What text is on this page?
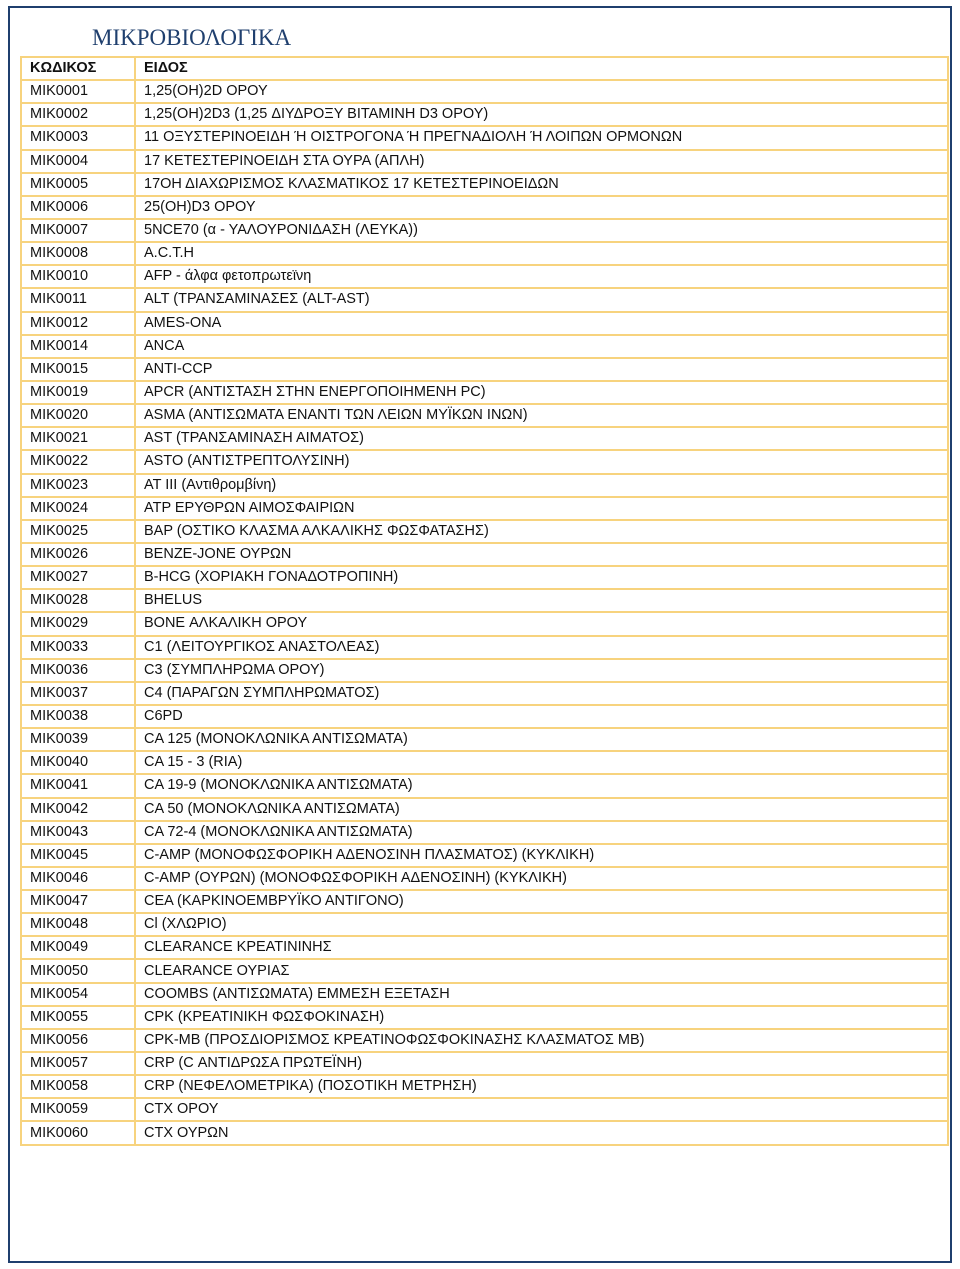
ΜΙΚΡΟΒΙΟΛΟΓΙΚΑ
ΚΩΔΙΚΟΣ	ΕΙΔΟΣ
ΜΙΚ0001	1,25(OH)2D ΟΡΟΥ
ΜΙΚ0002	1,25(OH)2D3 (1,25 ΔΙΥΔΡΟΞΥ ΒΙΤΑΜΙΝΗ D3 ΟΡΟΥ)
ΜΙΚ0003	11 ΟΞΥΣΤΕΡΙΝΟΕΙΔΗ Ή ΟΙΣΤΡΟΓΟΝΑ Ή ΠΡΕΓΝΑΔΙΟΛΗ Ή ΛΟΙΠΩΝ ΟΡΜΟΝΩΝ
ΜΙΚ0004	17 ΚΕΤΕΣΤΕΡΙΝΟΕΙΔΗ ΣΤΑ ΟΥΡΑ (ΑΠΛΗ)
ΜΙΚ0005	17ΟΗ ΔΙΑΧΩΡΙΣΜΟΣ ΚΛΑΣΜΑΤΙΚΟΣ 17 ΚΕΤΕΣΤΕΡΙΝΟΕΙΔΩΝ
ΜΙΚ0006	25(OH)D3 ΟΡΟΥ
ΜΙΚ0007	5NCE70 (α - ΥΑΛΟΥΡΟΝΙΔΑΣΗ (ΛΕΥΚΑ))
ΜΙΚ0008	A.C.T.H
ΜΙΚ0010	AFP - άλφα φετοπρωτεϊνη
ΜΙΚ0011	ALT (ΤΡΑΝΣΑΜΙΝΑΣΕΣ (ALT-AST)
ΜΙΚ0012	AMES-ONA
ΜΙΚ0014	ANCA
ΜΙΚ0015	ANTI-CCP
ΜΙΚ0019	APCR (ΑΝΤΙΣΤΑΣΗ ΣΤΗΝ ΕΝΕΡΓΟΠΟΙΗΜΕΝΗ PC)
ΜΙΚ0020	ASMA (ΑΝΤΙΣΩΜΑΤΑ ΕΝΑΝΤΙ ΤΩΝ ΛΕΙΩΝ ΜΥΪΚΩΝ ΙΝΩΝ)
ΜΙΚ0021	AST (ΤΡΑΝΣΑΜΙΝΑΣΗ ΑΙΜΑΤΟΣ)
ΜΙΚ0022	ASTO (ΑΝΤΙΣΤΡΕΠΤΟΛΥΣΙΝΗ)
ΜΙΚ0023	AT III (Αντιθρομβίνη)
ΜΙΚ0024	ATP ΕΡΥΘΡΩΝ ΑΙΜΟΣΦΑΙΡΙΩΝ
ΜΙΚ0025	BAP (ΟΣΤΙΚΟ ΚΛΑΣΜΑ ΑΛΚΑΛΙΚΗΣ ΦΩΣΦΑΤΑΣΗΣ)
ΜΙΚ0026	BENZE-JONE ΟΥΡΩΝ
ΜΙΚ0027	B-HCG (ΧΟΡΙΑΚΗ ΓΟΝΑΔΟΤΡΟΠΙΝΗ)
ΜΙΚ0028	BHELUS
ΜΙΚ0029	BONE ΑΛΚΑΛΙΚΗ ΟΡΟΥ
ΜΙΚ0033	C1 (ΛΕΙΤΟΥΡΓΙΚΟΣ ΑΝΑΣΤΟΛΕΑΣ)
ΜΙΚ0036	C3 (ΣΥΜΠΛΗΡΩΜΑ ΟΡΟΥ)
ΜΙΚ0037	C4 (ΠΑΡΑΓΩΝ ΣΥΜΠΛΗΡΩΜΑΤΟΣ)
ΜΙΚ0038	C6PD
ΜΙΚ0039	CA 125 (ΜΟΝΟΚΛΩΝΙΚΑ ΑΝΤΙΣΩΜΑΤΑ)
ΜΙΚ0040	CA 15 - 3 (RIA)
ΜΙΚ0041	CA 19-9 (ΜΟΝΟΚΛΩΝΙΚΑ ΑΝΤΙΣΩΜΑΤΑ)
ΜΙΚ0042	CA 50 (ΜΟΝΟΚΛΩΝΙΚΑ ΑΝΤΙΣΩΜΑΤΑ)
ΜΙΚ0043	CA 72-4 (ΜΟΝΟΚΛΩΝΙΚΑ ΑΝΤΙΣΩΜΑΤΑ)
ΜΙΚ0045	C-AMP (ΜΟΝΟΦΩΣΦΟΡΙΚΗ ΑΔΕΝΟΣΙΝΗ ΠΛΑΣΜΑΤΟΣ) (ΚΥΚΛΙΚΗ)
ΜΙΚ0046	C-AMP (ΟΥΡΩΝ) (ΜΟΝΟΦΩΣΦΟΡΙΚΗ ΑΔΕΝΟΣΙΝΗ) (ΚΥΚΛΙΚΗ)
ΜΙΚ0047	CEA (ΚΑΡΚΙΝΟΕΜΒΡΥΪΚΟ ΑΝΤΙΓΟΝΟ)
ΜΙΚ0048	Cl (ΧΛΩΡΙΟ)
ΜΙΚ0049	CLEARANCE ΚΡΕΑΤΙΝΙΝΗΣ
ΜΙΚ0050	CLEARANCE ΟΥΡΙΑΣ
ΜΙΚ0054	COOMBS (ΑΝΤΙΣΩΜΑΤΑ) ΕΜΜΕΣΗ ΕΞΕΤΑΣΗ
ΜΙΚ0055	CPK (ΚΡΕΑΤΙΝΙΚΗ ΦΩΣΦΟΚΙΝΑΣΗ)
ΜΙΚ0056	CPK-MB (ΠΡΟΣΔΙΟΡΙΣΜΟΣ ΚΡΕΑΤΙΝΟΦΩΣΦΟΚΙΝΑΣΗΣ ΚΛΑΣΜΑΤΟΣ MB)
ΜΙΚ0057	CRP (C ΑΝΤΙΔΡΩΣΑ ΠΡΩΤΕΪΝΗ)
ΜΙΚ0058	CRP (ΝΕΦΕΛΟΜΕΤΡΙΚΑ) (ΠΟΣΟΤΙΚΗ ΜΕΤΡΗΣΗ)
ΜΙΚ0059	CTX ΟΡΟΥ
ΜΙΚ0060	CTX ΟΥΡΩΝ
